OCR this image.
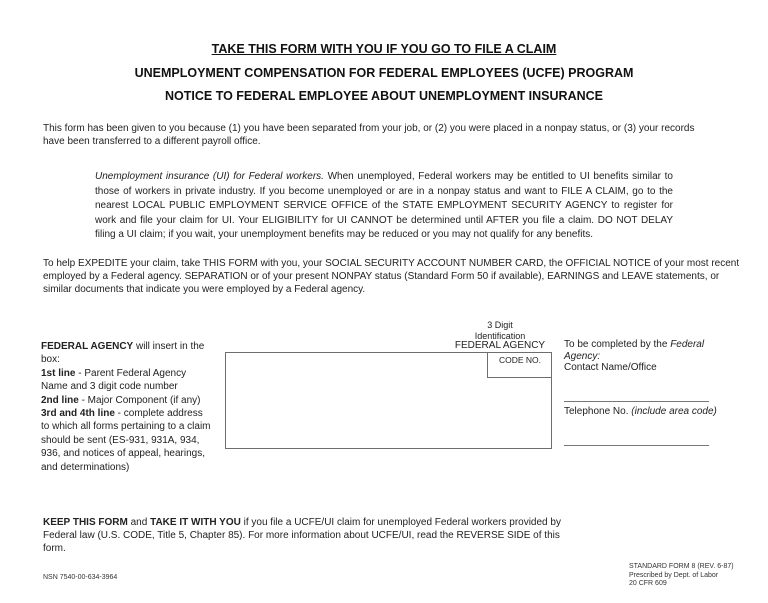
TAKE THIS FORM WITH YOU IF YOU GO TO FILE A CLAIM
UNEMPLOYMENT COMPENSATION FOR FEDERAL EMPLOYEES (UCFE) PROGRAM
NOTICE TO FEDERAL EMPLOYEE ABOUT UNEMPLOYMENT INSURANCE
This form has been given to you because (1) you have been separated from your job, or (2) you were placed in a nonpay status, or (3) your records have been transferred to a different payroll office.
Unemployment insurance (UI) for Federal workers. When unemployed, Federal workers may be entitled to UI benefits similar to those of workers in private industry. If you become unemployed or are in a nonpay status and want to FILE A CLAIM, go to the nearest LOCAL PUBLIC EMPLOYMENT SERVICE OFFICE of the STATE EMPLOYMENT SECURITY AGENCY to register for work and file your claim for UI. Your ELIGIBILITY for UI CANNOT be determined until AFTER you file a claim. DO NOT DELAY filing a UI claim; if you wait, your unemployment benefits may be reduced or you may not qualify for any benefits.
To help EXPEDITE your claim, take THIS FORM with you, your SOCIAL SECURITY ACCOUNT NUMBER CARD, the OFFICIAL NOTICE of your most recent employed by a Federal agency. SEPARATION or of your present NONPAY status (Standard Form 50 if available), EARNINGS and LEAVE statements, or similar documents that indicate you were employed by a Federal agency.
FEDERAL AGENCY will insert in the box:
1st line - Parent Federal Agency Name and 3 digit code number
2nd line - Major Component (if any)
3rd and 4th line - complete address to which all forms pertaining to a claim should be sent (ES-931, 931A, 934, 936, and notices of appeal, hearings, and determinations)
3 Digit
Identification
FEDERAL AGENCY
CODE NO.
To be completed by the Federal Agency:
Contact Name/Office
Telephone No. (include area code)
KEEP THIS FORM and TAKE IT WITH YOU if you file a UCFE/UI claim for unemployed Federal workers provided by Federal law (U.S. CODE, Title 5, Chapter 85). For more information about UCFE/UI, read the REVERSE SIDE of this form.
NSN 7540-00-634-3964
STANDARD FORM 8 (REV. 6-87)
Prescribed by Dept. of Labor
20 CFR 609
